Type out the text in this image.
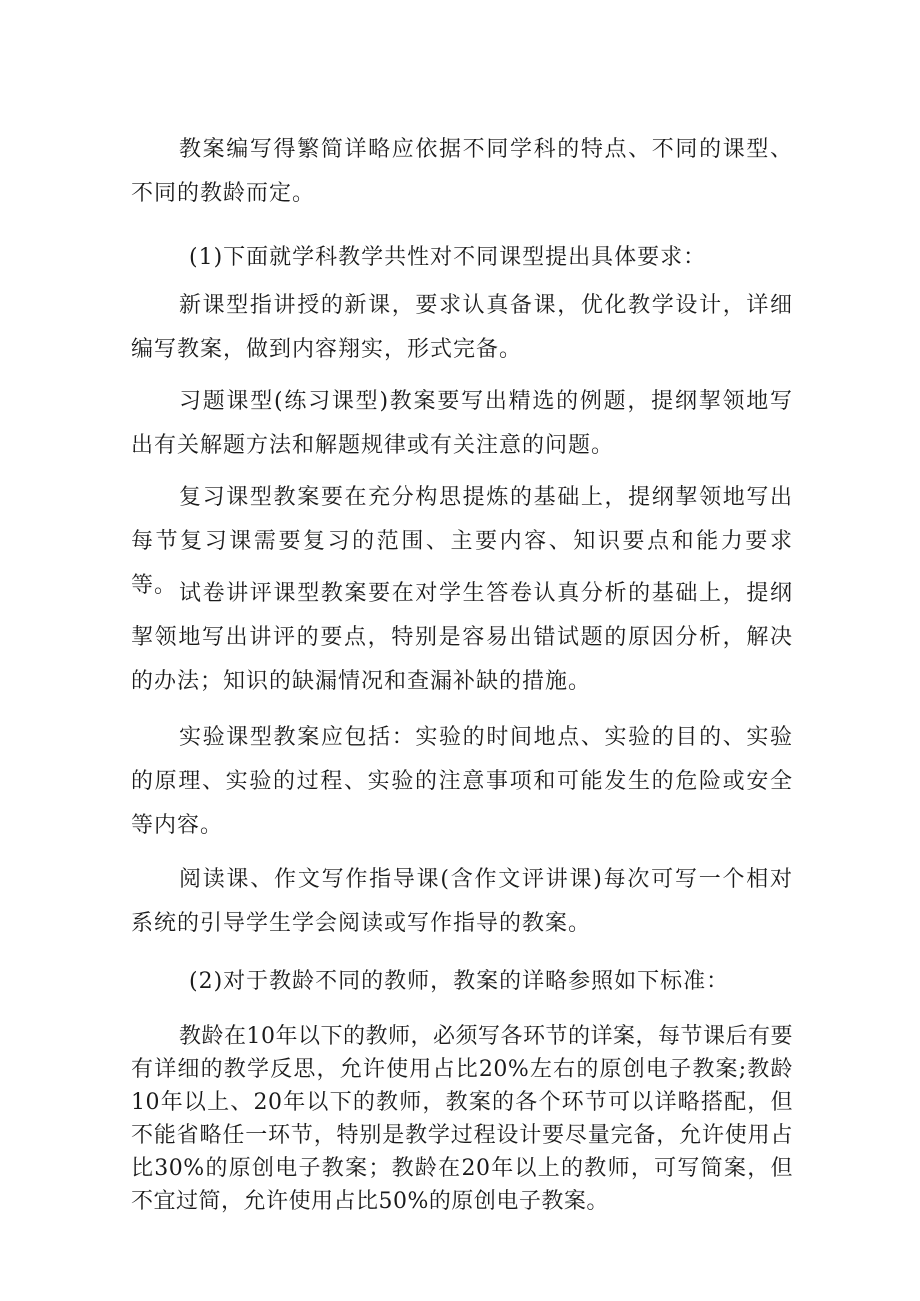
教案编写得繁简详略应依据不同学科的特点、不同的课型、不同的教龄而定。

(1)下面就学科教学共性对不同课型提出具体要求：

新课型指讲授的新课，要求认真备课，优化教学设计，详细编写教案，做到内容翔实，形式完备。

习题课型(练习课型)教案要写出精选的例题，提纲挈领地写出有关解题方法和解题规律或有关注意的问题。

复习课型教案要在充分构思提炼的基础上，提纲挈领地写出每节复习课需要复习的范围、主要内容、知识要点和能力要求等。 试卷讲评课型教案要在对学生答卷认真分析的基础上，提纲挈领地写出讲评的要点，特别是容易出错试题的原因分析，解决的办法；知识的缺漏情况和查漏补缺的措施。

实验课型教案应包括：实验的时间地点、实验的目的、实验的原理、实验的过程、实验的注意事项和可能发生的危险或安全等内容。

阅读课、作文写作指导课(含作文评讲课)每次可写一个相对系统的引导学生学会阅读或写作指导的教案。

(2)对于教龄不同的教师，教案的详略参照如下标准：

教龄在10年以下的教师，必须写各环节的详案，每节课后有要有详细的教学反思，允许使用占比20%左右的原创电子教案;教龄10年以上、20年以下的教师，教案的各个环节可以详略搭配，但不能省略任一环节，特别是教学过程设计要尽量完备，允许使用占比30%的原创电子教案；教龄在20年以上的教师，可写简案，但不宜过简，允许使用占比50%的原创电子教案。
